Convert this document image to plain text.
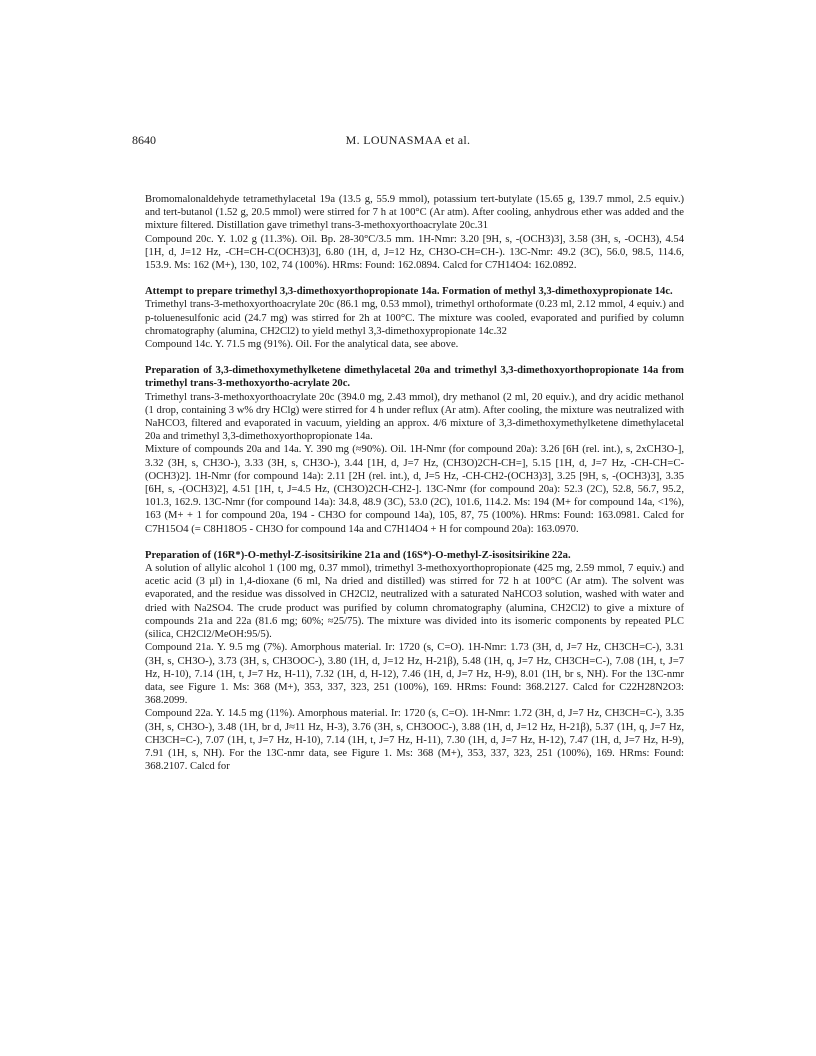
8640	M. LOUNASMAA et al.

Bromomalonaldehyde tetramethylacetal 19a (13.5 g, 55.9 mmol), potassium tert-butylate (15.65 g, 139.7 mmol, 2.5 equiv.) and tert-butanol (1.52 g, 20.5 mmol) were stirred for 7 h at 100°C (Ar atm). After cooling, anhydrous ether was added and the mixture filtered. Distillation gave trimethyl trans-3-methoxyorthoacrylate 20c.31

Compound 20c. Y. 1.02 g (11.3%). Oil. Bp. 28-30°C/3.5 mm. 1H-Nmr: 3.20 [9H, s, -(OCH3)3], 3.58 (3H, s, -OCH3), 4.54 [1H, d, J=12 Hz, -CH=CH-C(OCH3)3], 6.80 (1H, d, J=12 Hz, CH3O-CH=CH-). 13C-Nmr: 49.2 (3C), 56.0, 98.5, 114.6, 153.9. Ms: 162 (M+), 130, 102, 74 (100%). HRms: Found: 162.0894. Calcd for C7H14O4: 162.0892.

Attempt to prepare trimethyl 3,3-dimethoxyorthopropionate 14a. Formation of methyl 3,3-dimethoxypropionate 14c.

Trimethyl trans-3-methoxyorthoacrylate 20c (86.1 mg, 0.53 mmol), trimethyl orthoformate (0.23 ml, 2.12 mmol, 4 equiv.) and p-toluenesulfonic acid (24.7 mg) was stirred for 2h at 100°C. The mixture was cooled, evaporated and purified by column chromatography (alumina, CH2Cl2) to yield methyl 3,3-dimethoxypropionate 14c.32

Compound 14c. Y. 71.5 mg (91%). Oil. For the analytical data, see above.

Preparation of 3,3-dimethoxymethylketene dimethylacetal 20a and trimethyl 3,3-dimethoxyorthopropionate 14a from trimethyl trans-3-methoxyortho-acrylate 20c.

Trimethyl trans-3-methoxyorthoacrylate 20c (394.0 mg, 2.43 mmol), dry methanol (2 ml, 20 equiv.), and dry acidic methanol (1 drop, containing 3 w% dry HClg) were stirred for 4 h under reflux (Ar atm). After cooling, the mixture was neutralized with NaHCO3, filtered and evaporated in vacuum, yielding an approx. 4/6 mixture of 3,3-dimethoxymethylketene dimethylacetal 20a and trimethyl 3,3-dimethoxyorthopropionate 14a.

Mixture of compounds 20a and 14a. Y. 390 mg (≈90%). Oil. 1H-Nmr (for compound 20a): 3.26 [6H (rel. int.), s, 2xCH3O-], 3.32 (3H, s, CH3O-), 3.33 (3H, s, CH3O-), 3.44 [1H, d, J=7 Hz, (CH3O)2CH-CH=], 5.15 [1H, d, J=7 Hz, -CH-CH=C-(OCH3)2]. 1H-Nmr (for compound 14a): 2.11 [2H (rel. int.), d, J=5 Hz, -CH-CH2-(OCH3)3], 3.25 [9H, s, -(OCH3)3], 3.35 [6H, s, -(OCH3)2], 4.51 [1H, t, J=4.5 Hz, (CH3O)2CH-CH2-]. 13C-Nmr (for compound 20a): 52.3 (2C), 52.8, 56.7, 95.2, 101.3, 162.9. 13C-Nmr (for compound 14a): 34.8, 48.9 (3C), 53.0 (2C), 101.6, 114.2. Ms: 194 (M+ for compound 14a, <1%), 163 (M+ + 1 for compound 20a, 194 - CH3O for compound 14a), 105, 87, 75 (100%). HRms: Found: 163.0981. Calcd for C7H15O4 (= C8H18O5 - CH3O for compound 14a and C7H14O4 + H for compound 20a): 163.0970.

Preparation of (16R*)-O-methyl-Z-isositsirikine 21a and (16S*)-O-methyl-Z-isositsirikine 22a.

A solution of allylic alcohol 1 (100 mg, 0.37 mmol), trimethyl 3-methoxyorthopropionate (425 mg, 2.59 mmol, 7 equiv.) and acetic acid (3 µl) in 1,4-dioxane (6 ml, Na dried and distilled) was stirred for 72 h at 100°C (Ar atm). The solvent was evaporated, and the residue was dissolved in CH2Cl2, neutralized with a saturated NaHCO3 solution, washed with water and dried with Na2SO4. The crude product was purified by column chromatography (alumina, CH2Cl2) to give a mixture of compounds 21a and 22a (81.6 mg; 60%; ≈25/75). The mixture was divided into its isomeric components by repeated PLC (silica, CH2Cl2/MeOH:95/5).

Compound 21a. Y. 9.5 mg (7%). Amorphous material. Ir: 1720 (s, C=O). 1H-Nmr: 1.73 (3H, d, J=7 Hz, CH3CH=C-), 3.31 (3H, s, CH3O-), 3.73 (3H, s, CH3OOC-), 3.80 (1H, d, J=12 Hz, H-21β), 5.48 (1H, q, J=7 Hz, CH3CH=C-), 7.08 (1H, t, J=7 Hz, H-10), 7.14 (1H, t, J=7 Hz, H-11), 7.32 (1H, d, H-12), 7.46 (1H, d, J=7 Hz, H-9), 8.01 (1H, br s, NH). For the 13C-nmr data, see Figure 1. Ms: 368 (M+), 353, 337, 323, 251 (100%), 169. HRms: Found: 368.2127. Calcd for C22H28N2O3: 368.2099.

Compound 22a. Y. 14.5 mg (11%). Amorphous material. Ir: 1720 (s, C=O). 1H-Nmr: 1.72 (3H, d, J=7 Hz, CH3CH=C-), 3.35 (3H, s, CH3O-), 3.48 (1H, br d, J≈11 Hz, H-3), 3.76 (3H, s, CH3OOC-), 3.88 (1H, d, J=12 Hz, H-21β), 5.37 (1H, q, J=7 Hz, CH3CH=C-), 7.07 (1H, t, J=7 Hz, H-10), 7.14 (1H, t, J=7 Hz, H-11), 7.30 (1H, d, J=7 Hz, H-12), 7.47 (1H, d, J=7 Hz, H-9), 7.91 (1H, s, NH). For the 13C-nmr data, see Figure 1. Ms: 368 (M+), 353, 337, 323, 251 (100%), 169. HRms: Found: 368.2107. Calcd for
